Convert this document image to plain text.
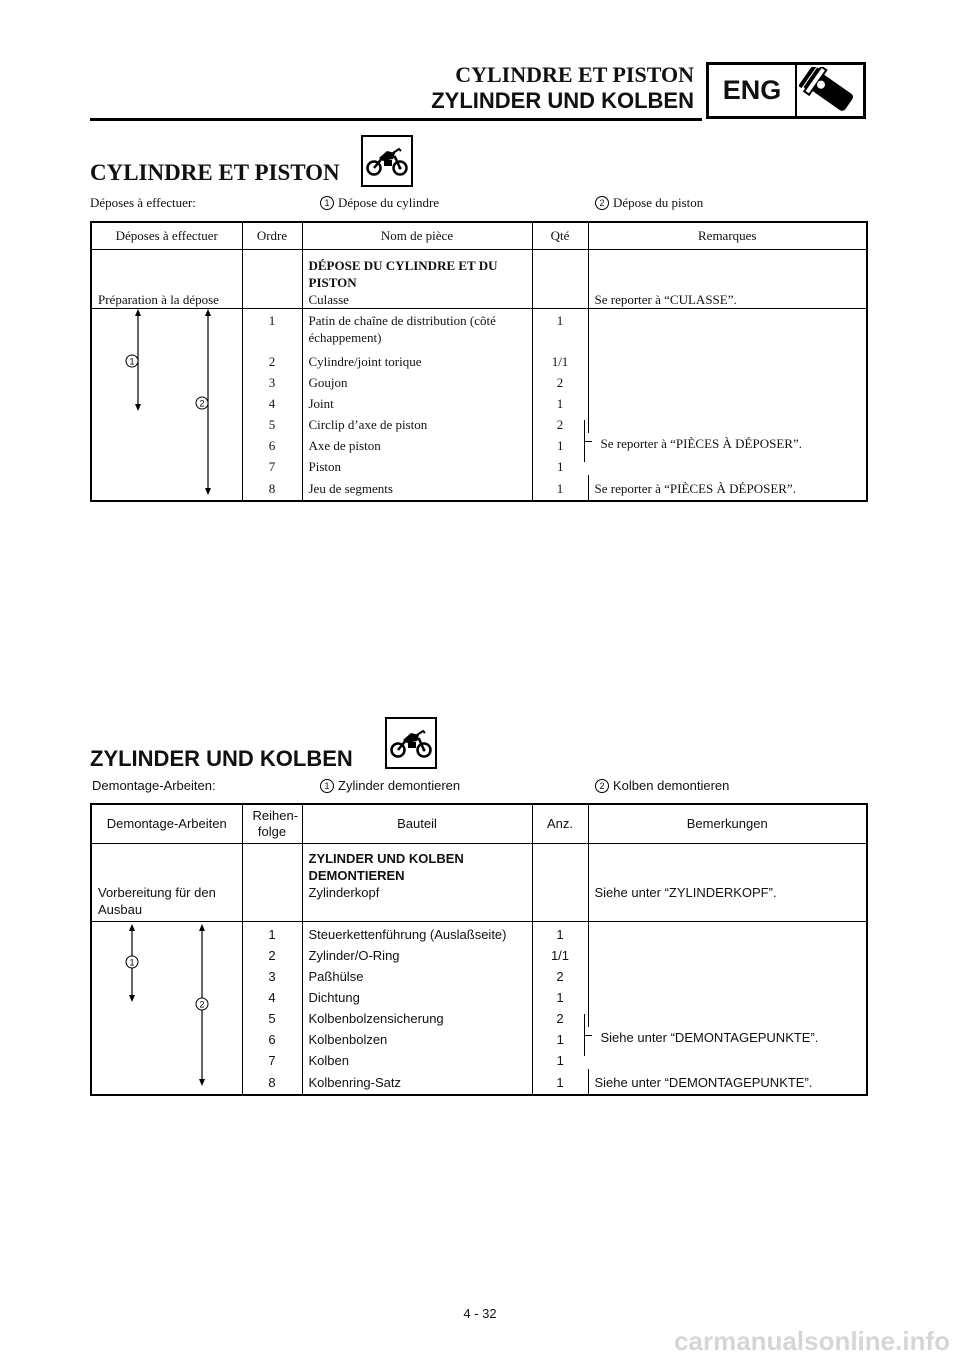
CYLINDRE ET PISTON
ZYLINDER UND KOLBEN	ENG
CYLINDRE ET PISTON
Déposes à effectuer:	1 Dépose du cylindre	2 Dépose du piston
Déposes à effectuer	Ordre	Nom de pièce	Qté	Remarques
Préparation à la dépose		DÉPOSE DU CYLINDRE ET DU PISTON
Culasse		Se reporter à “CULASSE”.

1
2	1	Patin de chaîne de distribution (côté échappement)	1	
	2	Cylindre/joint torique	1/1	
	3	Goujon	2	
	4	Joint	1	
	5	Circlip d’axe de piston	2	Se reporter à “PIÈCES À DÉPOSER”.
	6	Axe de piston	1	
	7	Piston	1	
	8	Jeu de segments	1	Se reporter à “PIÈCES À DÉPOSER”.
ZYLINDER UND KOLBEN
Demontage-Arbeiten:	1 Zylinder demontieren	2 Kolben demontieren
Demontage-Arbeiten	Reihen-folge	Bauteil	Anz.	Bemerkungen
Vorbereitung für den Ausbau		ZYLINDER UND KOLBEN DEMONTIEREN
Zylinderkopf		Siehe unter “ZYLINDERKOPF”.

1
2	1	Steuerkettenführung (Auslaßseite)	1	
	2	Zylinder/O-Ring	1/1	
	3	Paßhülse	2	
	4	Dichtung	1	
	5	Kolbenbolzensicherung	2	Siehe unter “DEMONTAGEPUNKTE”.
	6	Kolbenbolzen	1	
	7	Kolben	1	
	8	Kolbenring-Satz	1	Siehe unter “DEMONTAGEPUNKTE”.
4 - 32
carmanualsonline.info
